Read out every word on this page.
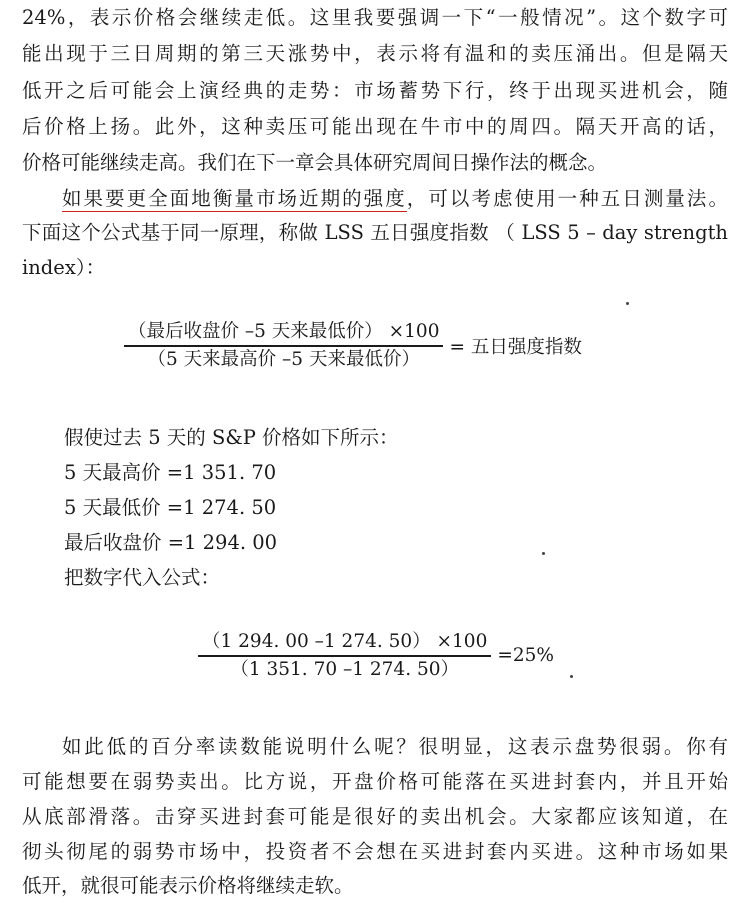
24%，表示价格会继续走低。这里我要强调一下“一般情况”。这个数字可
能出现于三日周期的第三天涨势中，表示将有温和的卖压涌出。但是隔天
低开之后可能会上演经典的走势：市场蓄势下行，终于出现买进机会，随
后价格上扬。此外，这种卖压可能出现在牛市中的周四。隔天开高的话，
价格可能继续走高。我们在下一章会具体研究周间日操作法的概念。
如果要更全面地衡量市场近期的强度，可以考虑使用一种五日测量法。
下面这个公式基于同一原理，称做 LSS 五日强度指数 （ LSS 5 – day strength
index）：
$\frac{\text{（最后收盘价 –5 天来最低价） ×100}}{\text{（5 天来最高价 –5 天来最低价）}}$ = 五日强度指数
假使过去 5 天的 S&P 价格如下所示：
5 天最高价 =1 351. 70
5 天最低价 =1 274. 50
最后收盘价 =1 294. 00
把数字代入公式：
$\frac{(1 294. 00 -1 274. 50) \times 100}{(1 351. 70 -1 274. 50)} =25\%$
如此低的百分率读数能说明什么呢？很明显，这表示盘势很弱。你有
可能想要在弱势卖出。比方说，开盘价格可能落在买进封套内，并且开始
从底部滑落。击穿买进封套可能是很好的卖出机会。大家都应该知道，在
彻头彻尾的弱势市场中，投资者不会想在买进封套内买进。这种市场如果
低开，就很可能表示价格将继续走软。
